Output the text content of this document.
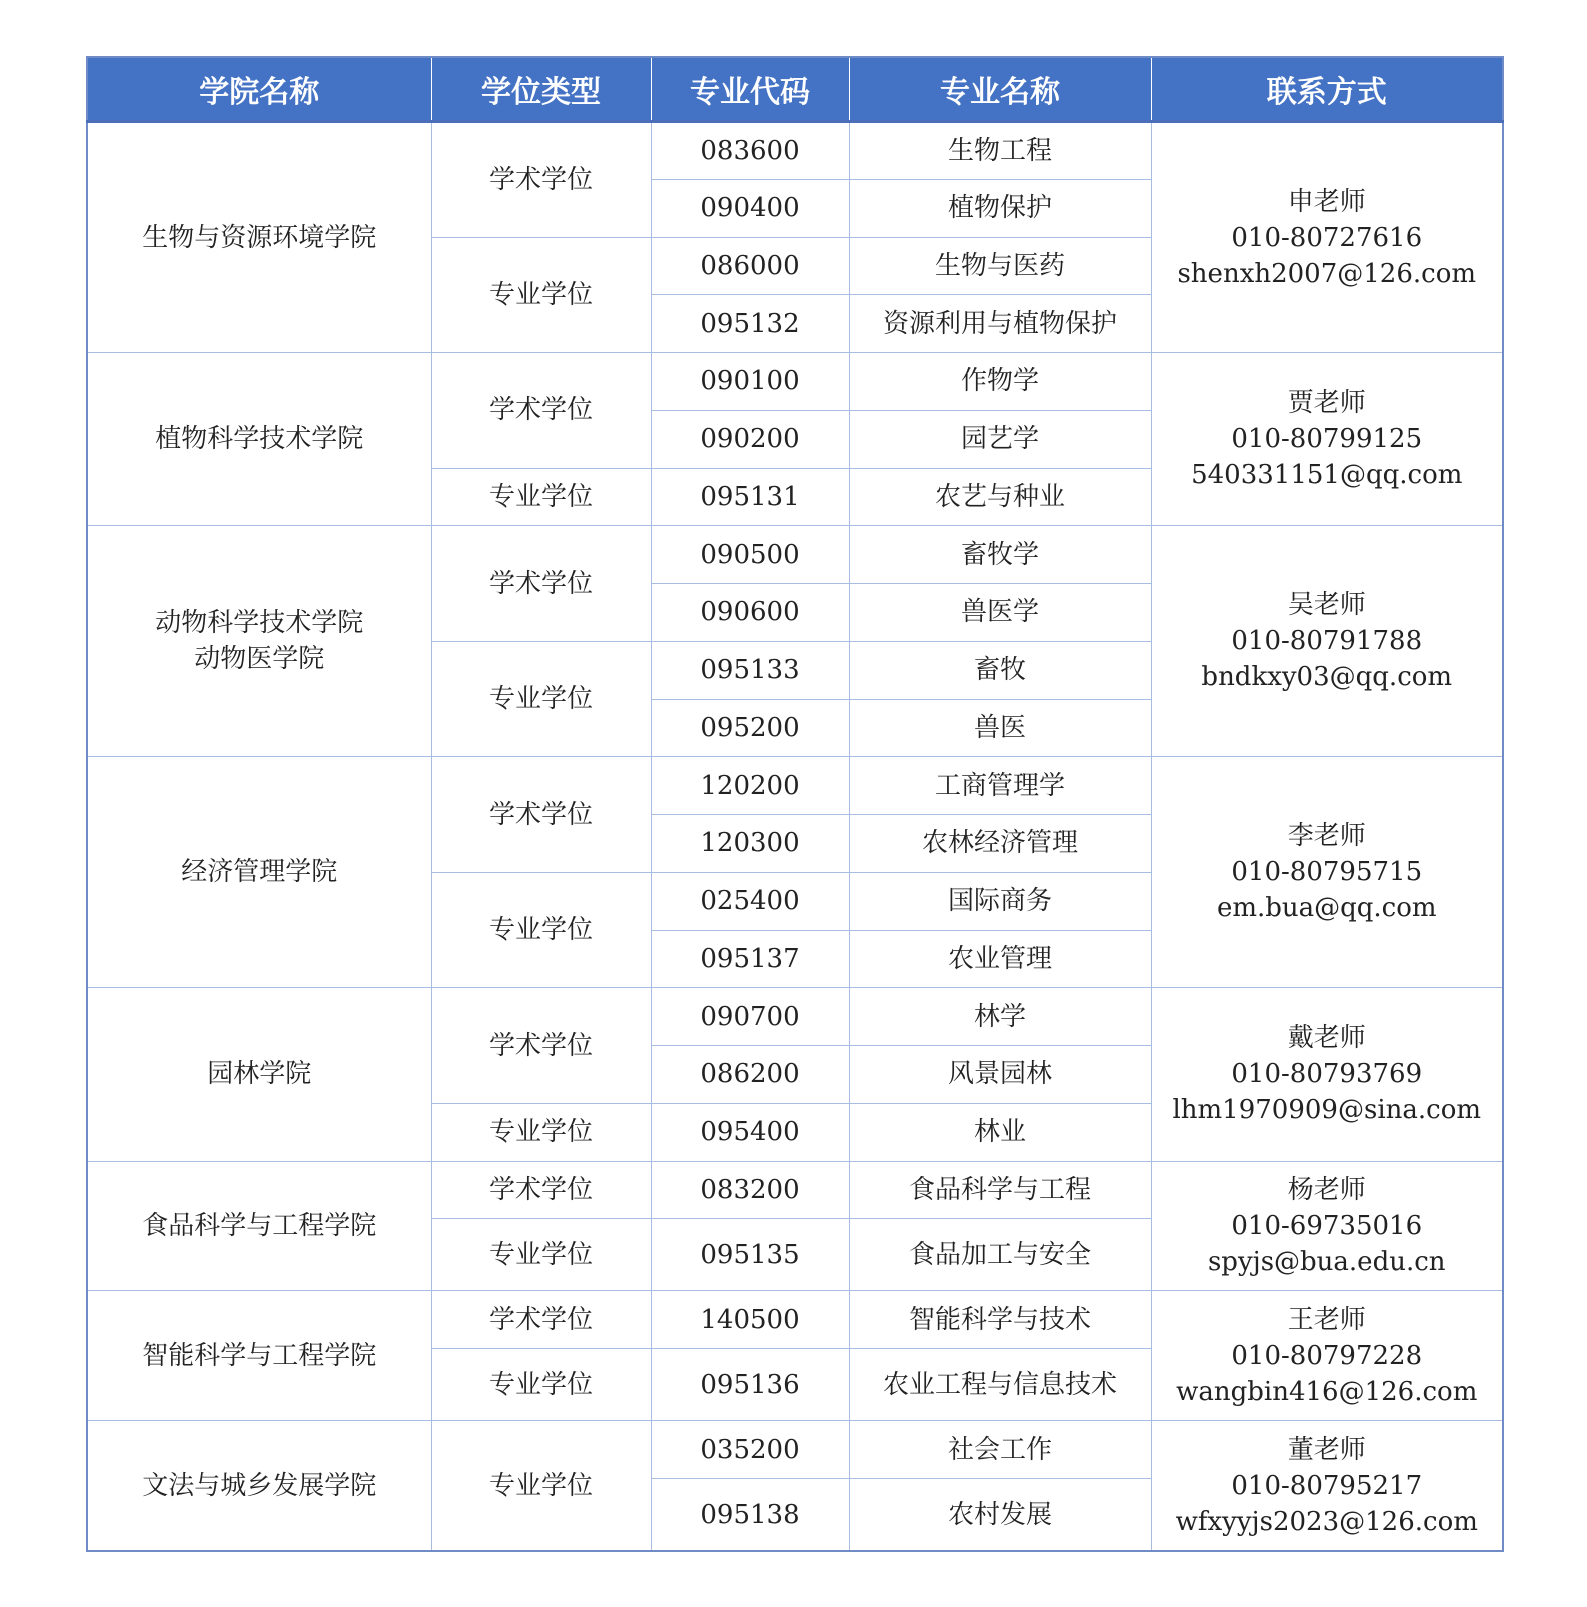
学院名称	学位类型	专业代码	专业名称	联系方式

生物与资源环境学院	学术学位	083600	生物工程	申老师
010-80727616
shenxh2007@126.com

		090400	植物保护	
	专业学位	086000	生物与医药	
		095132	资源利用与植物保护	

植物科学技术学院	学术学位	090100	作物学	贾老师
010-80799125
540331151@qq.com

		090200	园艺学	
	专业学位	095131	农艺与种业	

动物科学技术学院
动物医学院	学术学位	090500	畜牧学	吴老师
010-80791788
bndkxy03@qq.com

		090600	兽医学	
	专业学位	095133	畜牧	
		095200	兽医	

经济管理学院	学术学位	120200	工商管理学	李老师
010-80795715
em.bua@qq.com

		120300	农林经济管理	
	专业学位	025400	国际商务	
		095137	农业管理	

园林学院	学术学位	090700	林学	戴老师
010-80793769
lhm1970909@sina.com

		086200	风景园林	
	专业学位	095400	林业	

食品科学与工程学院	学术学位	083200	食品科学与工程	杨老师
010-69735016
spyjs@bua.edu.cn

	专业学位	095135	食品加工与安全	

智能科学与工程学院	学术学位	140500	智能科学与技术	王老师
010-80797228
wangbin416@126.com

	专业学位	095136	农业工程与信息技术	

文法与城乡发展学院	专业学位	035200	社会工作	董老师
010-80795217
wfxyyjs2023@126.com

		095138	农村发展	
